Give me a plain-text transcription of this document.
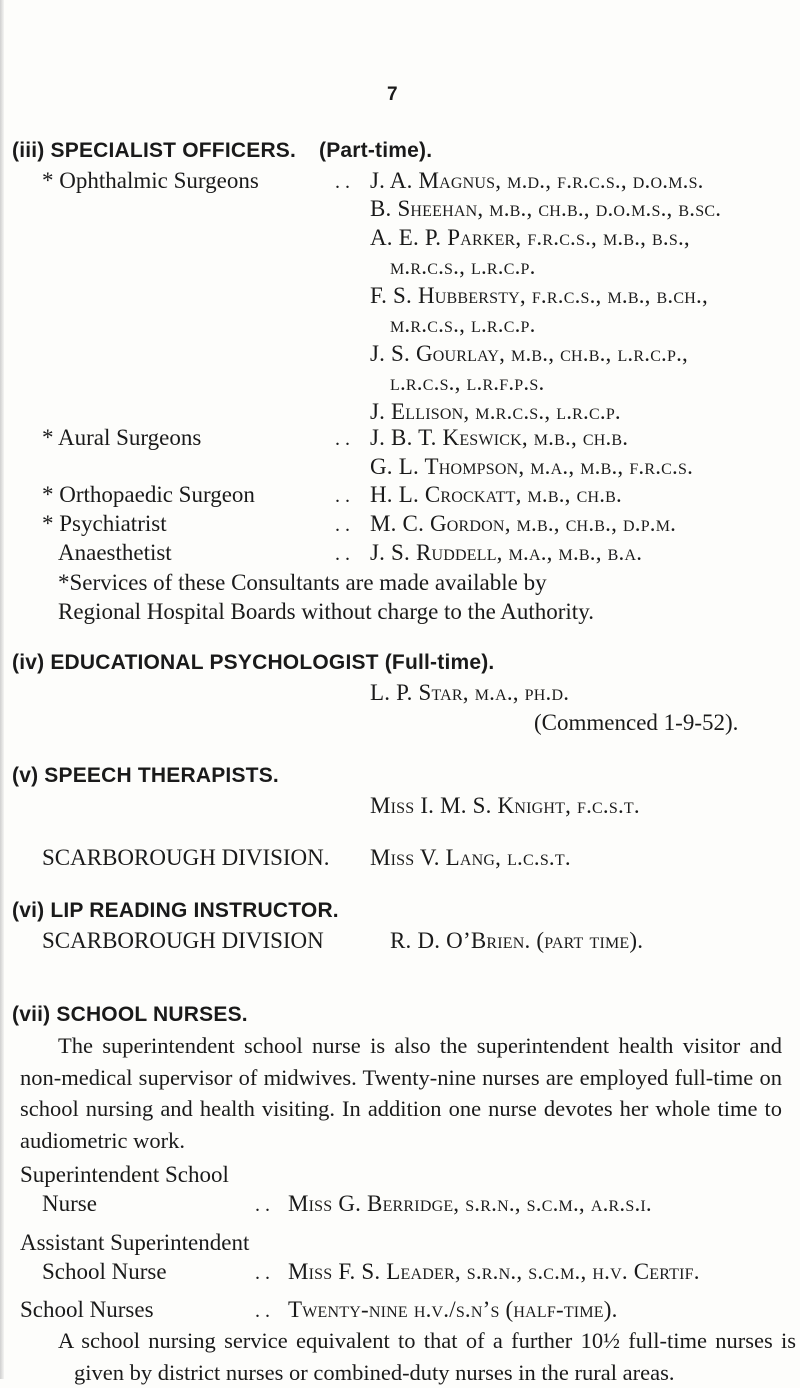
7
(iii) SPECIALIST OFFICERS. (Part-time).
* Ophthalmic Surgeons	. . J. A. Magnus, m.d., f.r.c.s., d.o.m.s.
B. Sheehan, m.b., ch.b., d.o.m.s., b.sc.
A. E. P. Parker, f.r.c.s., m.b., b.s.,
m.r.c.s., l.r.c.p.
F. S. Hubbersty, f.r.c.s., m.b., b.ch.,
m.r.c.s., l.r.c.p.
J. S. Gourlay, m.b., ch.b., l.r.c.p.,
l.r.c.s., l.r.f.p.s.
J. Ellison, m.r.c.s., l.r.c.p.
* Aural Surgeons	. . J. B. T. Keswick, m.b., ch.b.
G. L. Thompson, m.a., m.b., f.r.c.s.
* Orthopaedic Surgeon	. . H. L. Crockatt, m.b., ch.b.
* Psychiatrist	. . M. C. Gordon, m.b., ch.b., d.p.m.
Anaesthetist	. . J. S. Ruddell, m.a., m.b., b.a.
*Services of these Consultants are made available by
Regional Hospital Boards without charge to the Authority.
(iv) EDUCATIONAL PSYCHOLOGIST (Full-time).
L. P. Star, m.a., ph.d.
(Commenced 1-9-52).
(v) SPEECH THERAPISTS.
Miss I. M. S. Knight, f.c.s.t.
SCARBOROUGH DIVISION. Miss V. Lang, l.c.s.t.
(vi) LIP READING INSTRUCTOR.
SCARBOROUGH DIVISION	R. D. O’Brien. (part time).
(vii) SCHOOL NURSES.
The superintendent school nurse is also the superintendent health visitor and non-medical supervisor of midwives. Twenty-nine nurses are employed full-time on school nursing and health visiting. In addition one nurse devotes her whole time to audiometric work.
Superintendent School
Nurse	. . Miss G. Berridge, s.r.n., s.c.m., a.r.s.i.
Assistant Superintendent
School Nurse	. . Miss F. S. Leader, s.r.n., s.c.m., h.v. Certif.
School Nurses	. . Twenty-nine h.v./s.n’s (half-time).
A school nursing service equivalent to that of a further 10½ full-time nurses is given by district nurses or combined-duty nurses in the rural areas.
